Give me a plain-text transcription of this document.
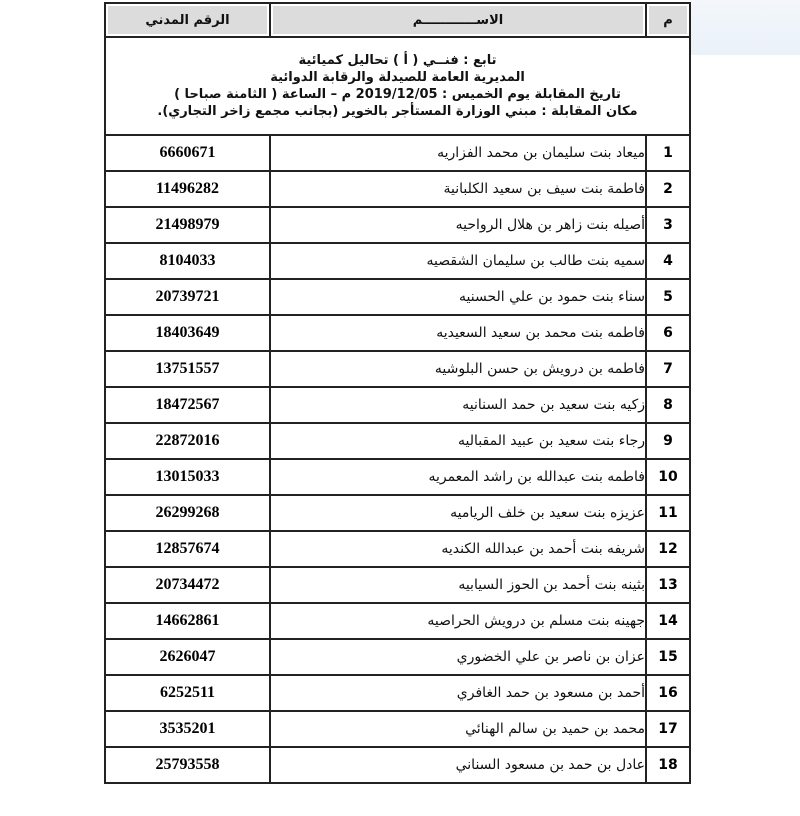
م	الاســــــــــــم	الرقم المدني

تابع : فنــي ( أ ) تحاليل كميائية
المديرية العامة للصيدلة والرقابة الدوائية
تاريخ المقابلة يوم الخميس : 2019/12/05 م – الساعة ( الثامنة صباحا )
مكان المقابلة : مبني الوزارة المستأجر بالخوير (بجانب مجمع زاخر التجاري).		

1	ميعاد بنت سليمان بن محمد الفزاريه	6660671
2	فاطمة بنت سيف بن سعيد الكلبانية	11496282
3	أصيله بنت زاهر بن هلال الرواحيه	21498979
4	سميه بنت طالب بن سليمان الشقصيه	8104033
5	سناء بنت حمود بن علي الحسنيه	20739721
6	فاطمه بنت محمد بن سعيد السعيديه	18403649
7	فاطمه بن درويش بن حسن البلوشيه	13751557
8	زكيه بنت سعيد بن حمد السنانيه	18472567
9	رجاء بنت سعيد بن عبيد المقباليه	22872016
10	فاطمه بنت عبدالله بن راشد المعمريه	13015033
11	عزيزه بنت سعيد بن خلف الرياميه	26299268
12	شريفه بنت أحمد بن عبدالله الكنديه	12857674
13	بثينه بنت أحمد بن الحوز السيابيه	20734472
14	جهينه بنت مسلم بن درويش الحراصيه	14662861
15	عزان بن ناصر بن علي الخضوري	2626047
16	أحمد بن مسعود بن حمد الغافري	6252511
17	محمد بن حميد بن سالم الهنائي	3535201
18	عادل بن حمد بن مسعود السناني	25793558
